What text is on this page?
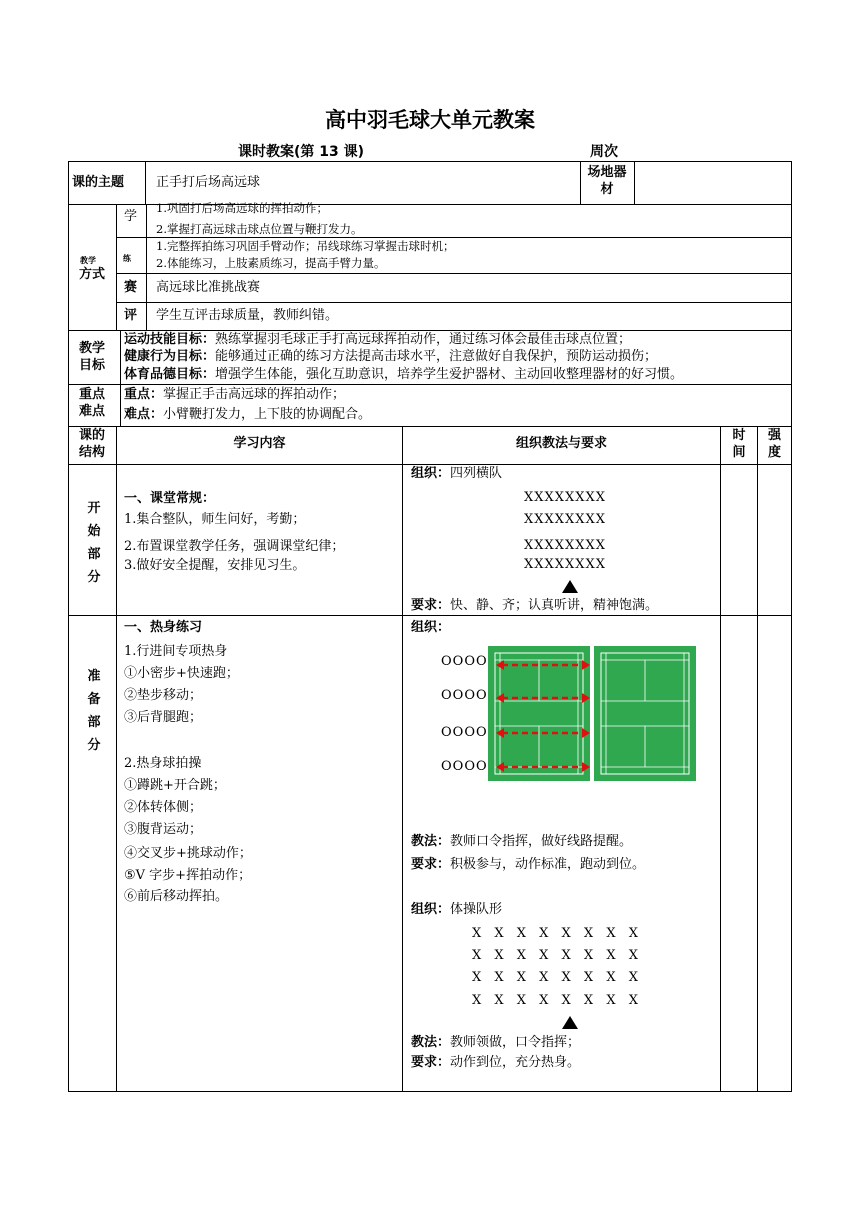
高中羽毛球大单元教案
课时教案(第 13 课)	周次
课的主题 正手打后场高远球
场地器材
教学
方式
学
1.巩固打后场高远球的挥拍动作；
2.掌握打高远球击球点位置与鞭打发力。
练
1.完整挥拍练习巩固手臂动作；吊线球练习掌握击球时机；
2.体能练习，上肢素质练习，提高手臂力量。
赛 高远球比准挑战赛
评 学生互评击球质量，教师纠错。
教学
目标
运动技能目标：熟练掌握羽毛球正手打高远球挥拍动作，通过练习体会最佳击球点位置；
健康行为目标：能够通过正确的练习方法提高击球水平，注意做好自我保护，预防运动损伤；
体育品德目标：增强学生体能，强化互助意识，培养学生爱护器材、主动回收整理器材的好习惯。
重点
难点
重点：掌握正手击高远球的挥拍动作；
难点：小臂鞭打发力，上下肢的协调配合。
课的
结构
学习内容	组织教法与要求
时
间
强
度
开
始
部
分
一、课堂常规：
1.集合整队，师生问好，考勤；
2.布置课堂教学任务，强调课堂纪律；
3.做好安全提醒，安排见习生。
组织：四列横队
XXXXXXXX
XXXXXXXX
XXXXXXXX
XXXXXXXX
要求：快、静、齐；认真听讲，精神饱满。
准
备
部
分
一、热身练习
1.行进间专项热身
①小密步+快速跑；
②垫步移动；
③后背腿跑；
2.热身球拍操
①蹲跳+开合跳；
②体转体侧；
③腹背运动；
④交叉步+挑球动作；
⑤V 字步+挥拍动作；
⑥前后移动挥拍。
组织：
OOOO
OOOO
OOOO
OOOO
教法：教师口令指挥，做好线路提醒。
要求：积极参与，动作标准，跑动到位。
组织：体操队形
X X X X X X X X
X X X X X X X X
X X X X X X X X
X X X X X X X X
教法：教师领做，口令指挥；
要求：动作到位，充分热身。
